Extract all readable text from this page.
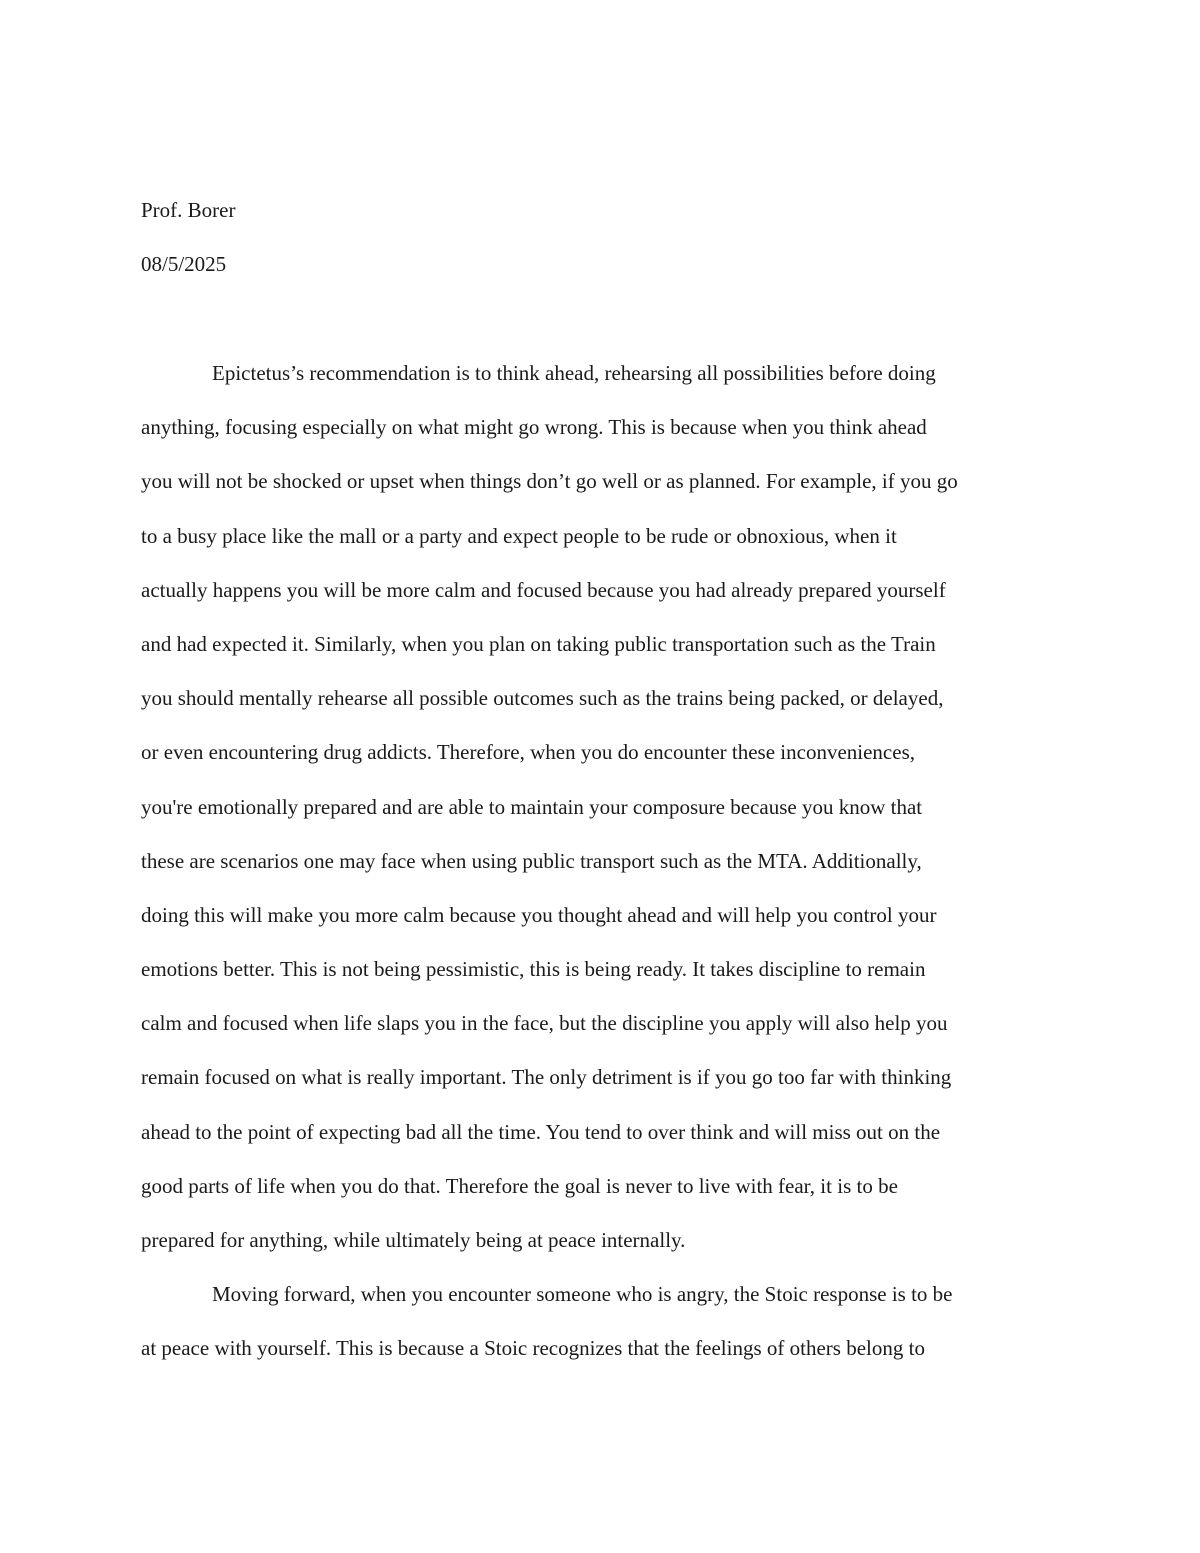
Prof. Borer
08/5/2025
Epictetus’s recommendation is to think ahead, rehearsing all possibilities before doing
anything, focusing especially on what might go wrong. This is because when you think ahead
you will not be shocked or upset when things don’t go well or as planned. For example, if you go
to a busy place like the mall or a party and expect people to be rude or obnoxious, when it
actually happens you will be more calm and focused because you had already prepared yourself
and had expected it. Similarly, when you plan on taking public transportation such as the Train
you should mentally rehearse all possible outcomes such as the trains being packed, or delayed,
or even encountering drug addicts. Therefore, when you do encounter these inconveniences,
you're emotionally prepared and are able to maintain your composure because you know that
these are scenarios one may face when using public transport such as the MTA. Additionally,
doing this will make you more calm because you thought ahead and will help you control your
emotions better. This is not being pessimistic, this is being ready. It takes discipline to remain
calm and focused when life slaps you in the face, but the discipline you apply will also help you
remain focused on what is really important. The only detriment is if you go too far with thinking
ahead to the point of expecting bad all the time. You tend to over think and will miss out on the
good parts of life when you do that. Therefore the goal is never to live with fear, it is to be
prepared for anything, while ultimately being at peace internally.
Moving forward, when you encounter someone who is angry, the Stoic response is to be
at peace with yourself. This is because a Stoic recognizes that the feelings of others belong to
